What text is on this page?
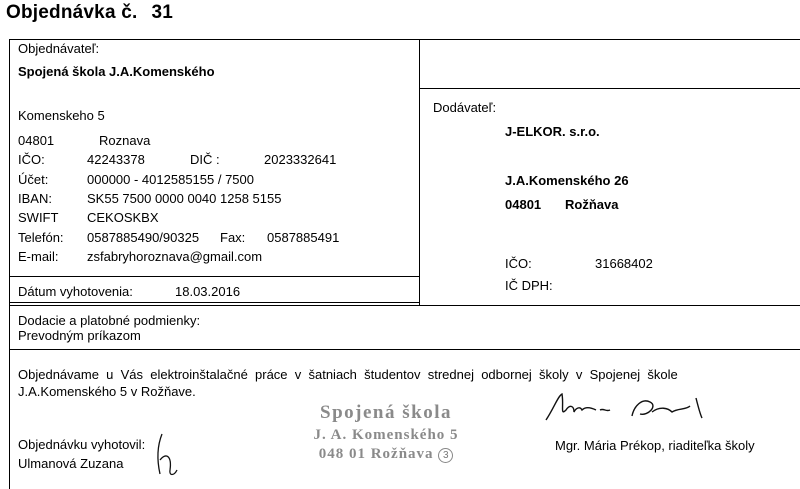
Objednávka č. 31
Objednávateľ:
Spojená škola J.A.Komenského
Komenskeho 5
04801	Roznava
IČO:	42243378	DIČ :	2023332641
Účet:	000000 - 4012585155 / 7500
IBAN:	SK55 7500 0000 0040 1258 5155
SWIFT CEKOSKBX
Telefón: 0587885490/90325 Fax: 0587885491
E-mail: zsfabryhoroznava@gmail.com
Dátum vyhotovenia:	18.03.2016
Dodávateľ:
J-ELKOR. s.r.o.
J.A.Komenského 26
04801 Rožňava
IČO:	31668402
IČ DPH:
Dodacie a platobné podmienky:
Prevodným príkazom
Objednávame  u  Vás  elektroinštalačné  práce  v  šatniach  študentov  strednej  odbornej  školy  v  Spojenej  škole
J.A.Komenského 5 v Rožňave.
Objednávku vyhotovil:
Ulmanová Zuzana
Spojená škola
J. A. Komenského 5
048 01 Rožňava 3
Mgr. Mária Prékop, riaditeľka školy
